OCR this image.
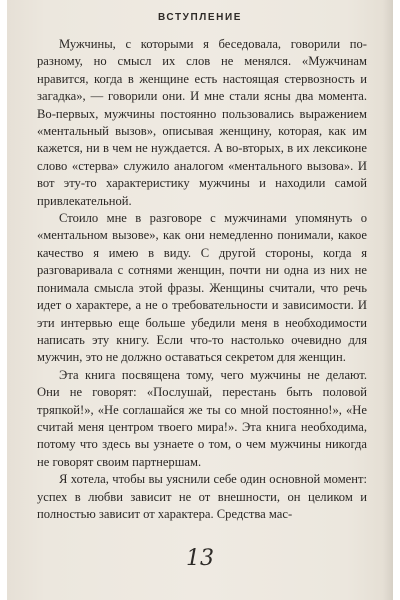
ВСТУПЛЕНИЕ

Мужчины, с которыми я беседовала, говорили по-разному, но смысл их слов не менялся. «Мужчинам нравится, когда в женщине есть настоящая стервозность и загадка», — говорили они. И мне стали ясны два момента. Во-первых, мужчины постоянно пользовались выражением «ментальный вызов», описывая женщину, которая, как им кажется, ни в чем не нуждается. А во-вторых, в их лексиконе слово «стерва» служило аналогом «ментального вызова». И вот эту-то характеристику мужчины и находили самой привлекательной.

Стоило мне в разговоре с мужчинами упомянуть о «ментальном вызове», как они немедленно понимали, какое качество я имею в виду. С другой стороны, когда я разговаривала с сотнями женщин, почти ни одна из них не понимала смысла этой фразы. Женщины считали, что речь идет о характере, а не о требовательности и зависимости. И эти интервью еще больше убедили меня в необходимости написать эту книгу. Если что-то настолько очевидно для мужчин, это не должно оставаться секретом для женщин.

Эта книга посвящена тому, чего мужчины не делают. Они не говорят: «Послушай, перестань быть половой тряпкой!», «Не соглашайся же ты со мной постоянно!», «Не считай меня центром твоего мира!». Эта книга необходима, потому что здесь вы узнаете о том, о чем мужчины никогда не говорят своим партнершам.

Я хотела, чтобы вы уяснили себе один основной момент: успех в любви зависит не от внешности, он целиком и полностью зависит от характера. Средства мас-

13
